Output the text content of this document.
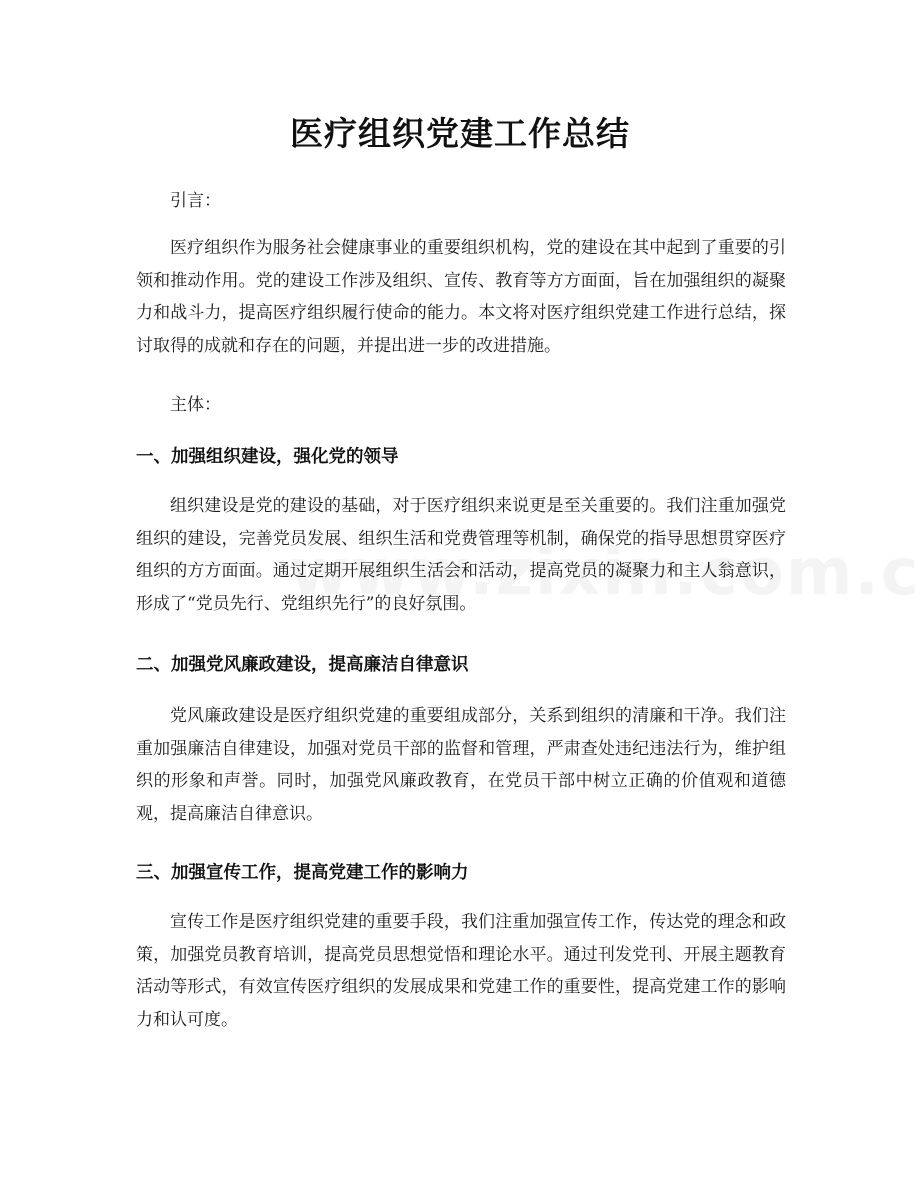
医疗组织党建工作总结

引言：

医疗组织作为服务社会健康事业的重要组织机构，党的建设在其中起到了重要的引领和推动作用。党的建设工作涉及组织、宣传、教育等方方面面，旨在加强组织的凝聚力和战斗力，提高医疗组织履行使命的能力。本文将对医疗组织党建工作进行总结，探讨取得的成就和存在的问题，并提出进一步的改进措施。

主体：

一、加强组织建设，强化党的领导

组织建设是党的建设的基础，对于医疗组织来说更是至关重要的。我们注重加强党组织的建设，完善党员发展、组织生活和党费管理等机制，确保党的指导思想贯穿医疗组织的方方面面。通过定期开展组织生活会和活动，提高党员的凝聚力和主人翁意识，形成了“党员先行、党组织先行”的良好氛围。

二、加强党风廉政建设，提高廉洁自律意识

党风廉政建设是医疗组织党建的重要组成部分，关系到组织的清廉和干净。我们注重加强廉洁自律建设，加强对党员干部的监督和管理，严肃查处违纪违法行为，维护组织的形象和声誉。同时，加强党风廉政教育，在党员干部中树立正确的价值观和道德观，提高廉洁自律意识。

三、加强宣传工作，提高党建工作的影响力

宣传工作是医疗组织党建的重要手段，我们注重加强宣传工作，传达党的理念和政策，加强党员教育培训，提高党员思想觉悟和理论水平。通过刊发党刊、开展主题教育活动等形式，有效宣传医疗组织的发展成果和党建工作的重要性，提高党建工作的影响力和认可度。
